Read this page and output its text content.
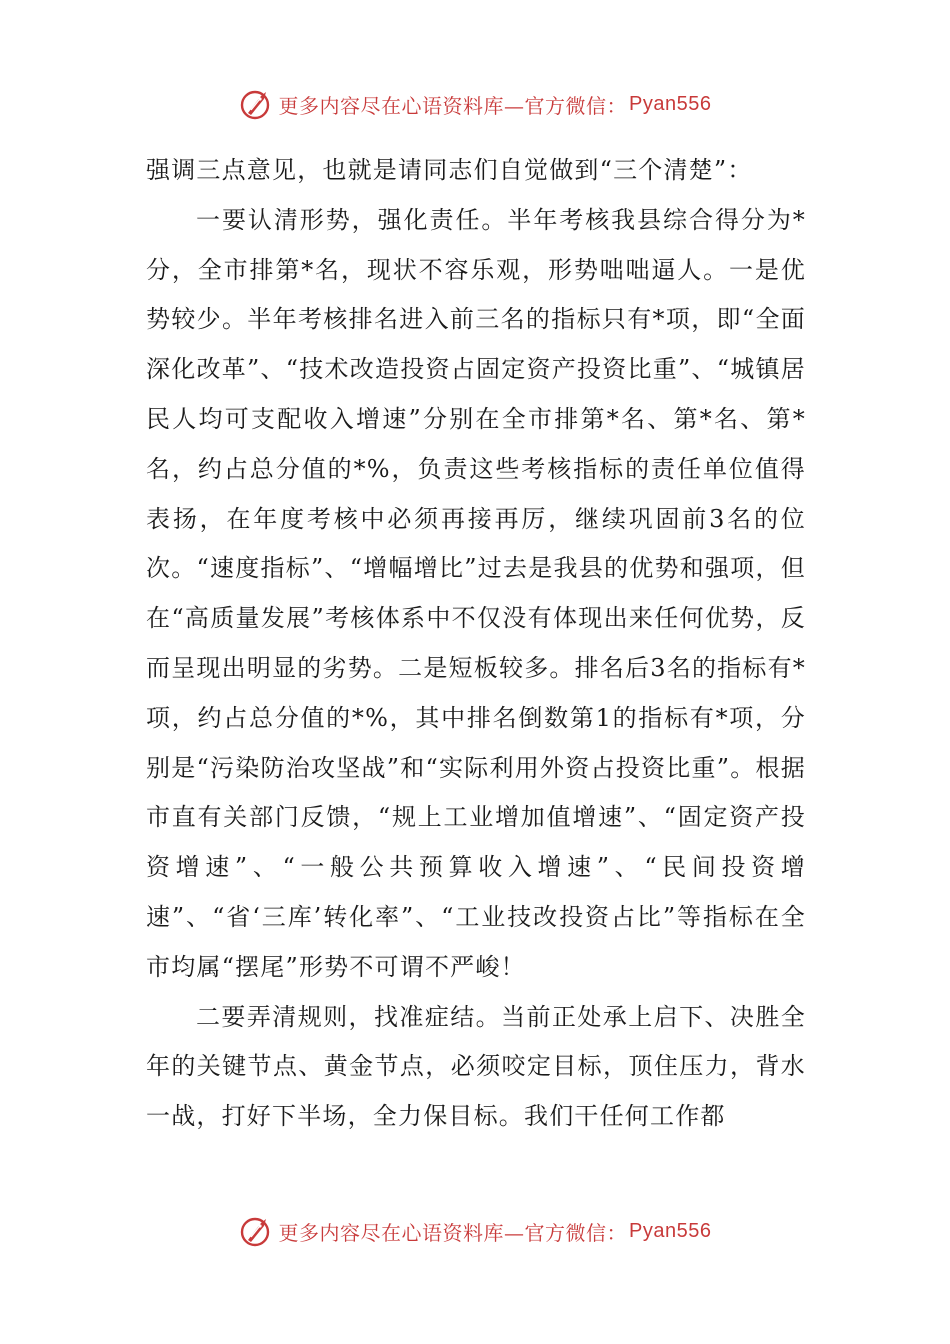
更多内容尽在心语资料库—官方微信： Pyan556

强调三点意见，也就是请同志们自觉做到“三个清楚”：

一要认清形势，强化责任。半年考核我县综合得分为*分，全市排第*名，现状不容乐观，形势咄咄逼人。一是优势较少。半年考核排名进入前三名的指标只有*项，即“全面深化改革”、“技术改造投资占固定资产投资比重”、“城镇居民人均可支配收入增速”分别在全市排第*名、第*名、第*名，约占总分值的*%，负责这些考核指标的责任单位值得表扬，在年度考核中必须再接再厉，继续巩固前3名的位次。“速度指标”、“增幅增比”过去是我县的优势和强项，但在“高质量发展”考核体系中不仅没有体现出来任何优势，反而呈现出明显的劣势。二是短板较多。排名后3名的指标有*项，约占总分值的*%，其中排名倒数第1的指标有*项，分别是“污染防治攻坚战”和“实际利用外资占投资比重”。根据市直有关部门反馈，“规上工业增加值增速”、“固定资产投资增速”、“一般公共预算收入增速”、“民间投资增速”、“省‘三库’转化率”、“工业技改投资占比”等指标在全市均属“摆尾”形势不可谓不严峻！

二要弄清规则，找准症结。当前正处承上启下、决胜全年的关键节点、黄金节点，必须咬定目标，顶住压力，背水一战，打好下半场，全力保目标。我们干任何工作都

更多内容尽在心语资料库—官方微信： Pyan556
